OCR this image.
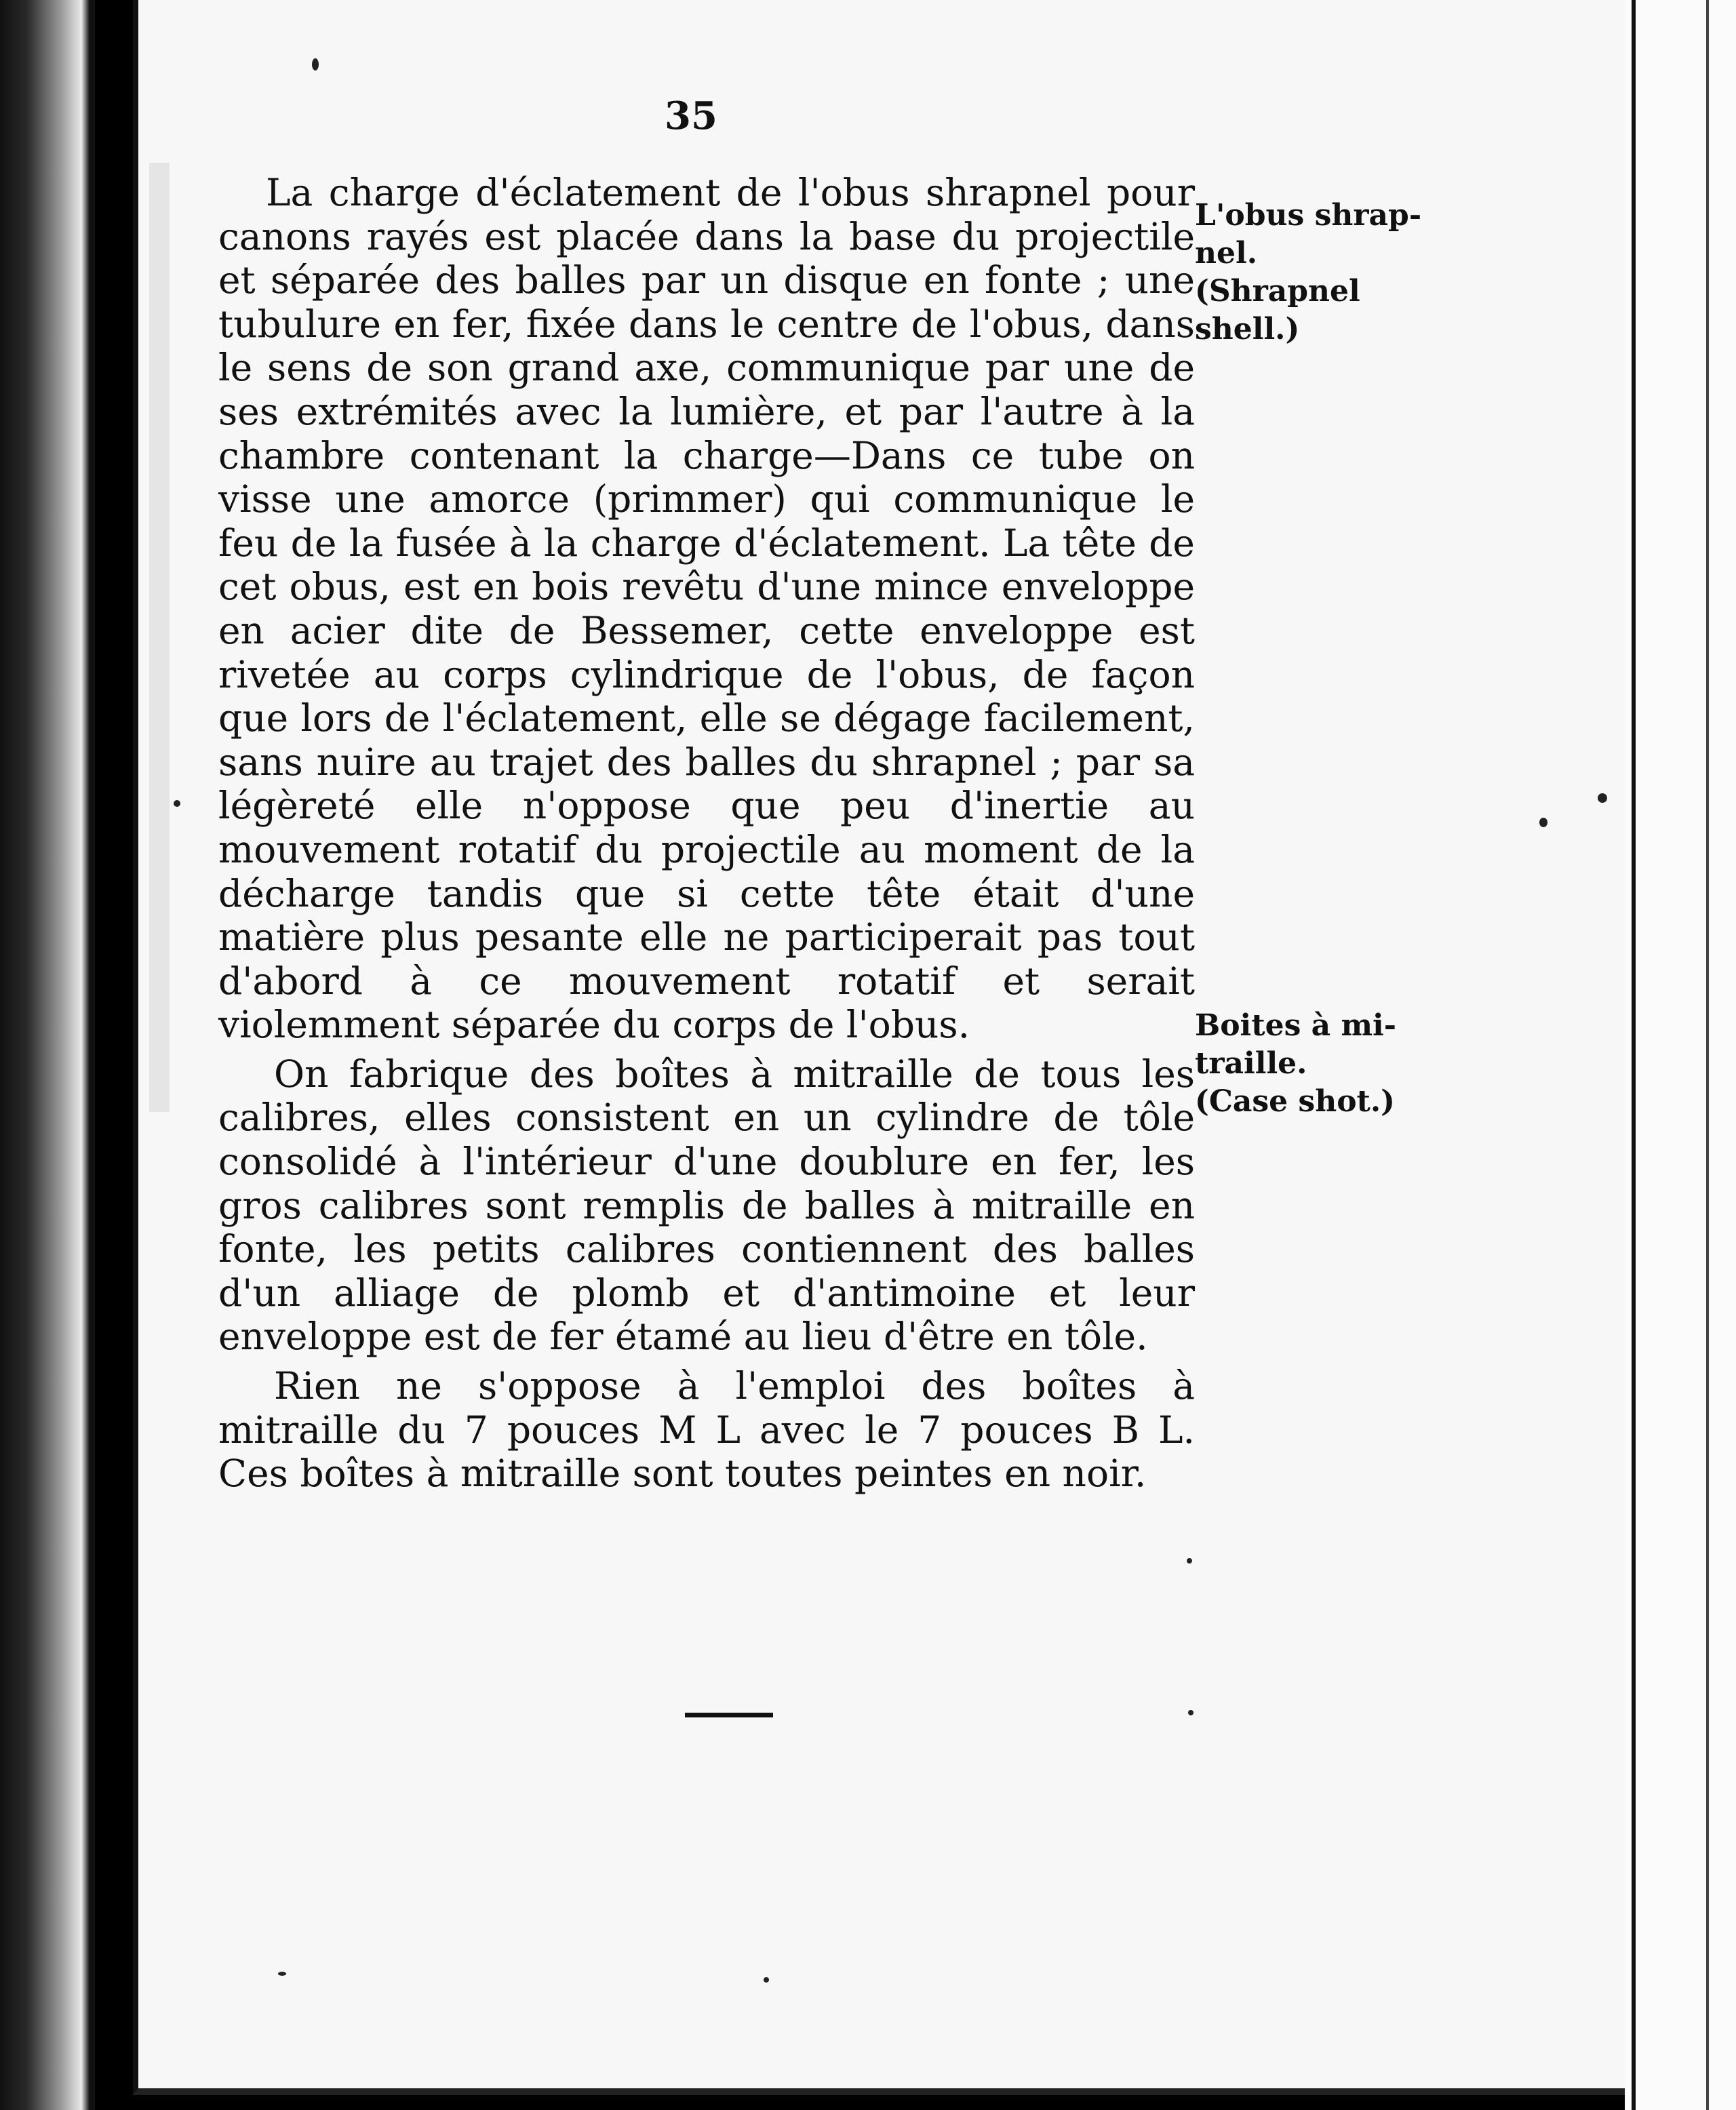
35

La charge d'éclatement de l'obus shrapnel pour canons rayés est placée dans la base du projectile et séparée des balles par un disque en fonte ; une tubulure en fer, fixée dans le centre de l'obus, dans le sens de son grand axe, communique par une de ses extrémités avec la lumière, et par l'autre à la chambre contenant la charge—Dans ce tube on visse une amorce (primmer) qui communique le feu de la fusée à la charge d'éclatement. La tête de cet obus, est en bois revêtu d'une mince enveloppe en acier dite de Bessemer, cette enveloppe est rivetée au corps cylindrique de l'obus, de façon que lors de l'éclatement, elle se dégage facilement, sans nuire au trajet des balles du shrapnel ; par sa légèreté elle n'oppose que peu d'inertie au mouvement rotatif du projectile au moment de la décharge tandis que si cette tête était d'une matière plus pesante elle ne participerait pas tout d'abord à ce mouvement rotatif et serait violemment séparée du corps de l'obus.

On fabrique des boîtes à mitraille de tous les calibres, elles consistent en un cylindre de tôle consolidé à l'intérieur d'une doublure en fer, les gros calibres sont remplis de balles à mitraille en fonte, les petits calibres contiennent des balles d'un alliage de plomb et d'antimoine et leur enveloppe est de fer étamé au lieu d'être en tôle.

Rien ne s'oppose à l'emploi des boîtes à mitraille du 7 pouces M L avec le 7 pouces B L. Ces boîtes à mitraille sont toutes peintes en noir.

L'obus shrap-
nel.
(Shrapnel
shell.)
Boites à mi-
traille.
(Case shot.)
